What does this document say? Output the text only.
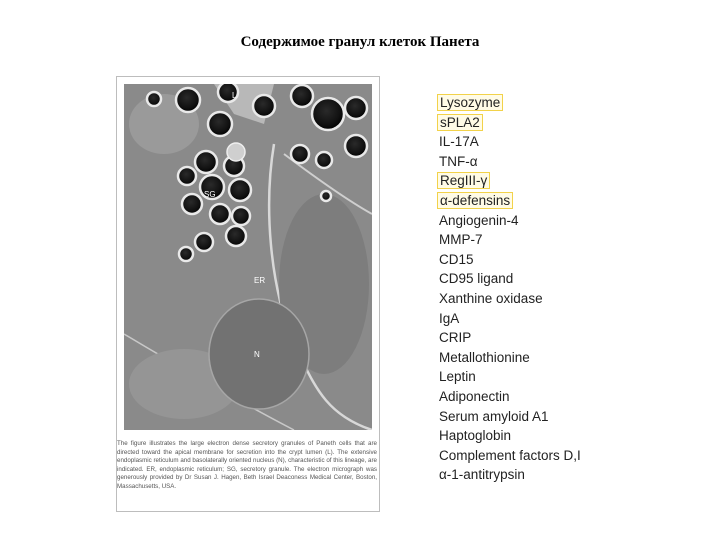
Содержимое гранул клеток Панета
L
SG
ER
N
The figure illustrates the large electron dense secretory granules of Paneth cells that are directed toward the apical membrane for secretion into the crypt lumen (L). The extensive endoplasmic reticulum and basolaterally oriented nucleus (N), characteristic of this lineage, are indicated. ER, endoplasmic reticulum; SG, secretory granule. The electron micrograph was generously provided by Dr Susan J. Hagen, Beth Israel Deaconess Medical Center, Boston, Massachusetts, USA.
Lysozyme
sPLA2
IL-17A
TNF-α
RegIII-γ
α-defensins
Angiogenin-4
MMP-7
CD15
CD95 ligand
Xanthine oxidase
IgA
CRIP
Metallothionine
Leptin
Adiponectin
Serum amyloid A1
Haptoglobin
Complement factors D,I
α-1-antitrypsin
